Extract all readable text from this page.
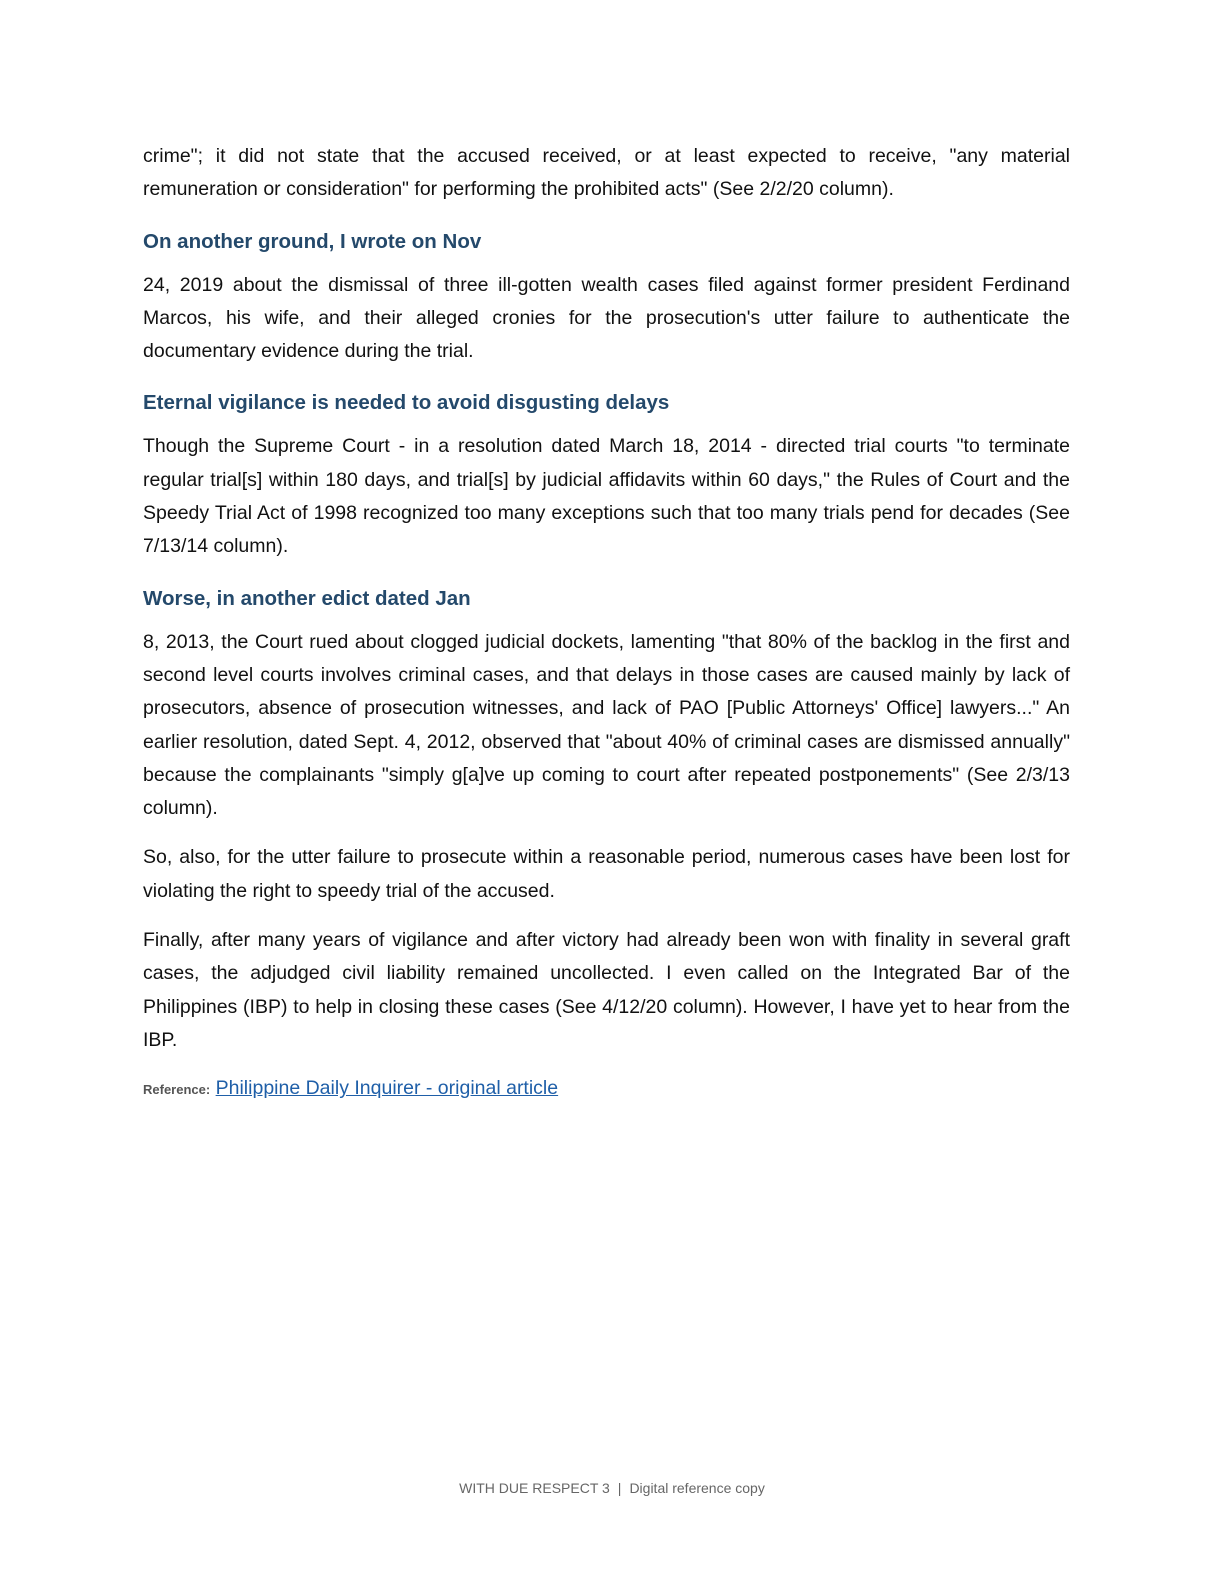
crime"; it did not state that the accused received, or at least expected to receive, "any material remuneration or consideration" for performing the prohibited acts" (See 2/2/20 column).

On another ground, I wrote on Nov

24, 2019 about the dismissal of three ill-gotten wealth cases filed against former president Ferdinand Marcos, his wife, and their alleged cronies for the prosecution's utter failure to authenticate the documentary evidence during the trial.

Eternal vigilance is needed to avoid disgusting delays

Though the Supreme Court - in a resolution dated March 18, 2014 - directed trial courts "to terminate regular trial[s] within 180 days, and trial[s] by judicial affidavits within 60 days," the Rules of Court and the Speedy Trial Act of 1998 recognized too many exceptions such that too many trials pend for decades (See 7/13/14 column).

Worse, in another edict dated Jan

8, 2013, the Court rued about clogged judicial dockets, lamenting "that 80% of the backlog in the first and second level courts involves criminal cases, and that delays in those cases are caused mainly by lack of prosecutors, absence of prosecution witnesses, and lack of PAO [Public Attorneys' Office] lawyers..." An earlier resolution, dated Sept. 4, 2012, observed that "about 40% of criminal cases are dismissed annually" because the complainants "simply g[a]ve up coming to court after repeated postponements" (See 2/3/13 column).

So, also, for the utter failure to prosecute within a reasonable period, numerous cases have been lost for violating the right to speedy trial of the accused.

Finally, after many years of vigilance and after victory had already been won with finality in several graft cases, the adjudged civil liability remained uncollected. I even called on the Integrated Bar of the Philippines (IBP) to help in closing these cases (See 4/12/20 column). However, I have yet to hear from the IBP.

Reference: Philippine Daily Inquirer - original article
WITH DUE RESPECT 3 | Digital reference copy
